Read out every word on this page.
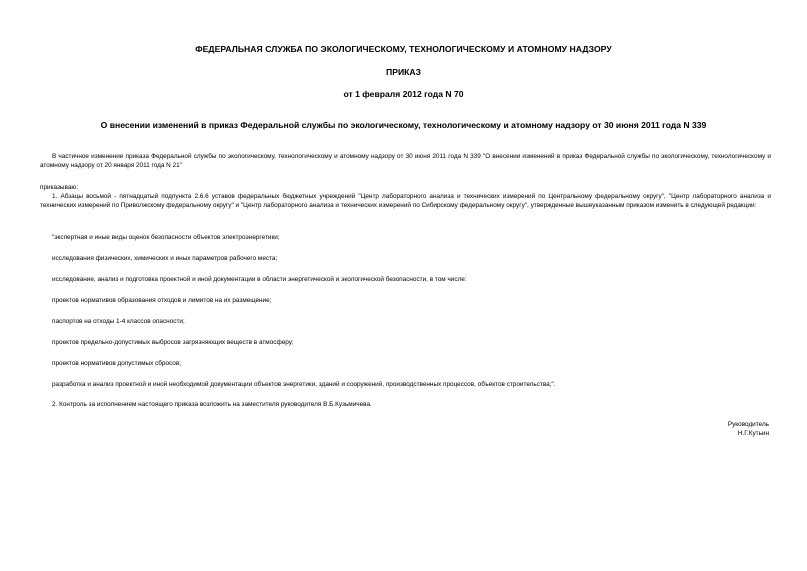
ФЕДЕРАЛЬНАЯ СЛУЖБА ПО ЭКОЛОГИЧЕСКОМУ, ТЕХНОЛОГИЧЕСКОМУ И АТОМНОМУ НАДЗОРУ
ПРИКАЗ
от 1 февраля 2012 года N 70
О внесении изменений в приказ Федеральной службы по экологическому, технологическому и атомному надзору от 30 июня 2011 года N 339

В частичное изменение приказа Федеральной службы по экологическому, технологическому и атомному надзору от 30 июня 2011 года N 339 "О внесении изменений в приказ Федеральной службы по экологическому, технологическому и атомному надзору от 20 января 2011 года N 21"

приказываю:

1. Абзацы восьмой - пятнадцатый подпункта 2.6.6 уставов федеральных бюджетных учреждений "Центр лабораторного анализа и технических измерений по Центральному федеральному округу", "Центр лабораторного анализа и технических измерений по Приволжскому федеральному округу" и "Центр лабораторного анализа и технических измерений по Сибирскому федеральному округу", утвержденные вышеуказанным приказом изменить в следующей редакции:

"экспертная и иные виды оценок безопасности объектов электроэнергетики;

исследования физических, химических и иных параметров рабочего места;

исследование, анализ и подготовка проектной и иной документации в области энергетической и экологической безопасности, в том числе:

проектов нормативов образования отходов и лимитов на их размещение;

паспортов на отходы 1-4 классов опасности;

проектов предельно-допустимых выбросов загрязняющих веществ в атмосферу;

проектов нормативов допустимых сбросов;

разработка и анализ проектной и иной необходимой документации объектов энергетики, зданий и сооружений, производственных процессов, объектов строительства;".

2. Контроль за исполнением настоящего приказа возложить на заместителя руководителя В.Б.Кузьмичева.

Руководитель
Н.Г.Кутьин
